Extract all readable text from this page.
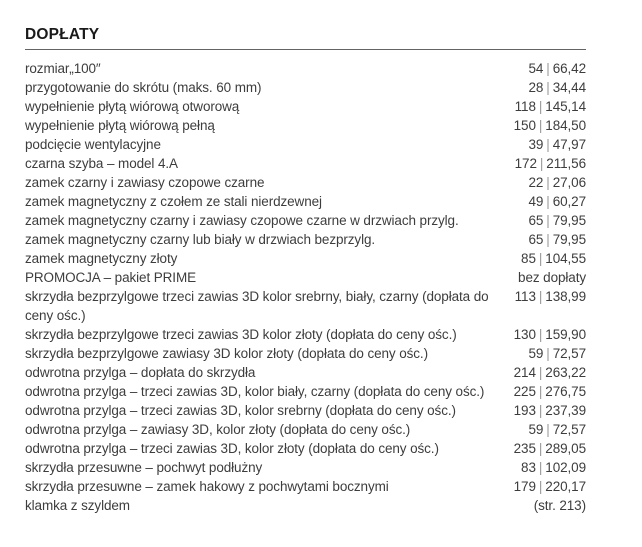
DOPŁATY
rozmiar„100″	54 | 66,42
przygotowanie do skrótu (maks. 60 mm)	28 | 34,44
wypełnienie płytą wiórową otworową	118 | 145,14
wypełnienie płytą wiórową pełną	150 | 184,50
podcięcie wentylacyjne	39 | 47,97
czarna szyba – model 4.A	172 | 211,56
zamek czarny i zawiasy czopowe czarne	22 | 27,06
zamek magnetyczny z czołem ze stali nierdzewnej	49 | 60,27
zamek magnetyczny czarny i zawiasy czopowe czarne w drzwiach przylg.	65 | 79,95
zamek magnetyczny czarny lub biały w drzwiach bezprzylg.	65 | 79,95
zamek magnetyczny złoty	85 | 104,55
PROMOCJA – pakiet PRIME	bez dopłaty
skrzydła bezprzylgowe trzeci zawias 3D kolor srebrny, biały, czarny (dopłata do ceny ośc.)
113 | 138,99
skrzydła bezprzylgowe trzeci zawias 3D kolor złoty (dopłata do ceny ośc.)	130 | 159,90
skrzydła bezprzylgowe zawiasy 3D kolor złoty (dopłata do ceny ośc.)	59 | 72,57
odwrotna przylga – dopłata do skrzydła	214 | 263,22
odwrotna przylga – trzeci zawias 3D, kolor biały, czarny (dopłata do ceny ośc.)	225 | 276,75
odwrotna przylga – trzeci zawias 3D, kolor srebrny (dopłata do ceny ośc.)	193 | 237,39
odwrotna przylga – zawiasy 3D, kolor złoty (dopłata do ceny ośc.)	59 | 72,57
odwrotna przylga – trzeci zawias 3D, kolor złoty (dopłata do ceny ośc.)	235 | 289,05
skrzydła przesuwne – pochwyt podłużny	83 | 102,09
skrzydła przesuwne – zamek hakowy z pochwytami bocznymi	179 | 220,17
klamka z szyldem	(str. 213)
